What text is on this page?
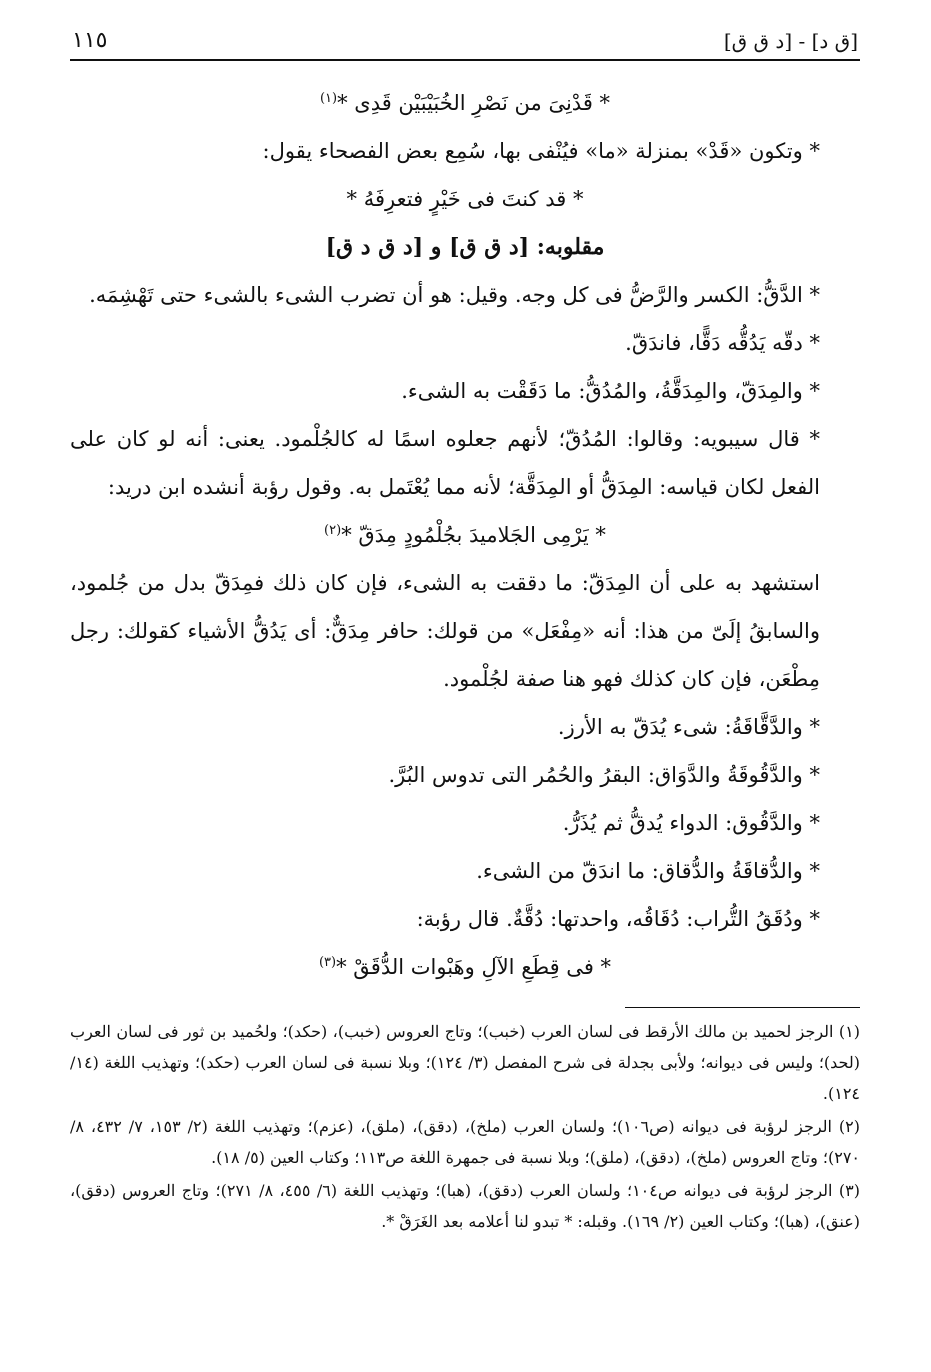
[ق د] - [د ق ق]
١١٥

* قَدْنِىَ من نَصْرِ الخُبَيْبَيْن قَدِى *$^{(١)}$

* وتكون «قَدْ» بمنزلة «ما» فيُنْفى بها، سُمِع بعض الفصحاء يقول:

* قد كنتَ فى خَيْرٍ فتعرِفَهُ *

مقلوبه: [د ق ق] و [د ق د ق]

* الدَّقُّ: الكسر والرَّضُّ فى كل وجه. وقيل: هو أن تضرب الشىء بالشىء حتى تَهْشِمَه.

* دقّه يَدُقُّه دَقًّا، فاندَقّ.

* والمِدَقّ، والمِدَقَّةُ، والمُدُقُّ: ما دَقَقْت به الشىء.

* قال سيبويه: وقالوا: المُدُقّ؛ لأنهم جعلوه اسمًا له كالجُلْمود. يعنى: أنه لو كان على الفعل لكان قياسه: المِدَقُّ أو المِدَقَّة؛ لأنه مما يُعْتَمل به. وقول رؤبة أنشده ابن دريد:

* يَرْمِى الجَلاميدَ بجُلْمُودٍ مِدَقّ *$^{(٢)}$

استشهد به على أن المِدَقّ: ما دققت به الشىء، فإن كان ذلك فمِدَقّ بدل من جُلمود، والسابقُ إلَىّ من هذا: أنه «مِفْعَل» من قولك: حافر مِدَقٌّ: أى يَدُقُّ الأشياء كقولك: رجل مِطْعَن، فإن كان كذلك فهو هنا صفة لجُلْمود.

* والدَّقَّاقَةُ: شىء يُدَقّ به الأرز.

* والدَّقُوقَةُ والدَّوَاق: البقرُ والحُمُر التى تدوس البُرَّ.

* والدَّقُوق: الدواء يُدقُّ ثم يُذَرُّ.

* والدُّقاقَةُ والدُّقاق: ما اندَقّ من الشىء.

* ودُقَقُ التُّراب: دُقَاقُه، واحدتها: دُقَّةٌ. قال رؤبة:

* فى قِطَعِ الآلِ وهَبْوات الدُّقَقْ *$^{(٣)}$

(١) الرجز لحميد بن مالك الأرقط فى لسان العرب (خبب)؛ وتاج العروس (خبب)، (حكد)؛ ولحُميد بن ثور فى لسان العرب (لحد)؛ وليس فى ديوانه؛ ولأبى بجدلة فى شرح المفصل (٣/ ١٢٤)؛ وبلا نسبة فى لسان العرب (حكد)؛ وتهذيب اللغة (١٤/ ١٢٤).

(٢) الرجز لرؤبة فى ديوانه (ص١٠٦)؛ ولسان العرب (ملخ)، (دقق)، (ملق)، (عزم)؛ وتهذيب اللغة (٢/ ١٥٣، ٧/ ٤٣٢، ٨/ ٢٧٠)؛ وتاج العروس (ملخ)، (دقق)، (ملق)؛ وبلا نسبة فى جمهرة اللغة ص١١٣؛ وكتاب العين (٥/ ١٨).

(٣) الرجز لرؤبة فى ديوانه ص١٠٤؛ ولسان العرب (دقق)، (هبا)؛ وتهذيب اللغة (٦/ ٤٥٥، ٨/ ٢٧١)؛ وتاج العروس (دقق)، (عنق)، (هبا)؛ وكتاب العين (٢/ ١٦٩). وقبله: * تبدو لنا أعلامه بعد الغَرَقْ *.
